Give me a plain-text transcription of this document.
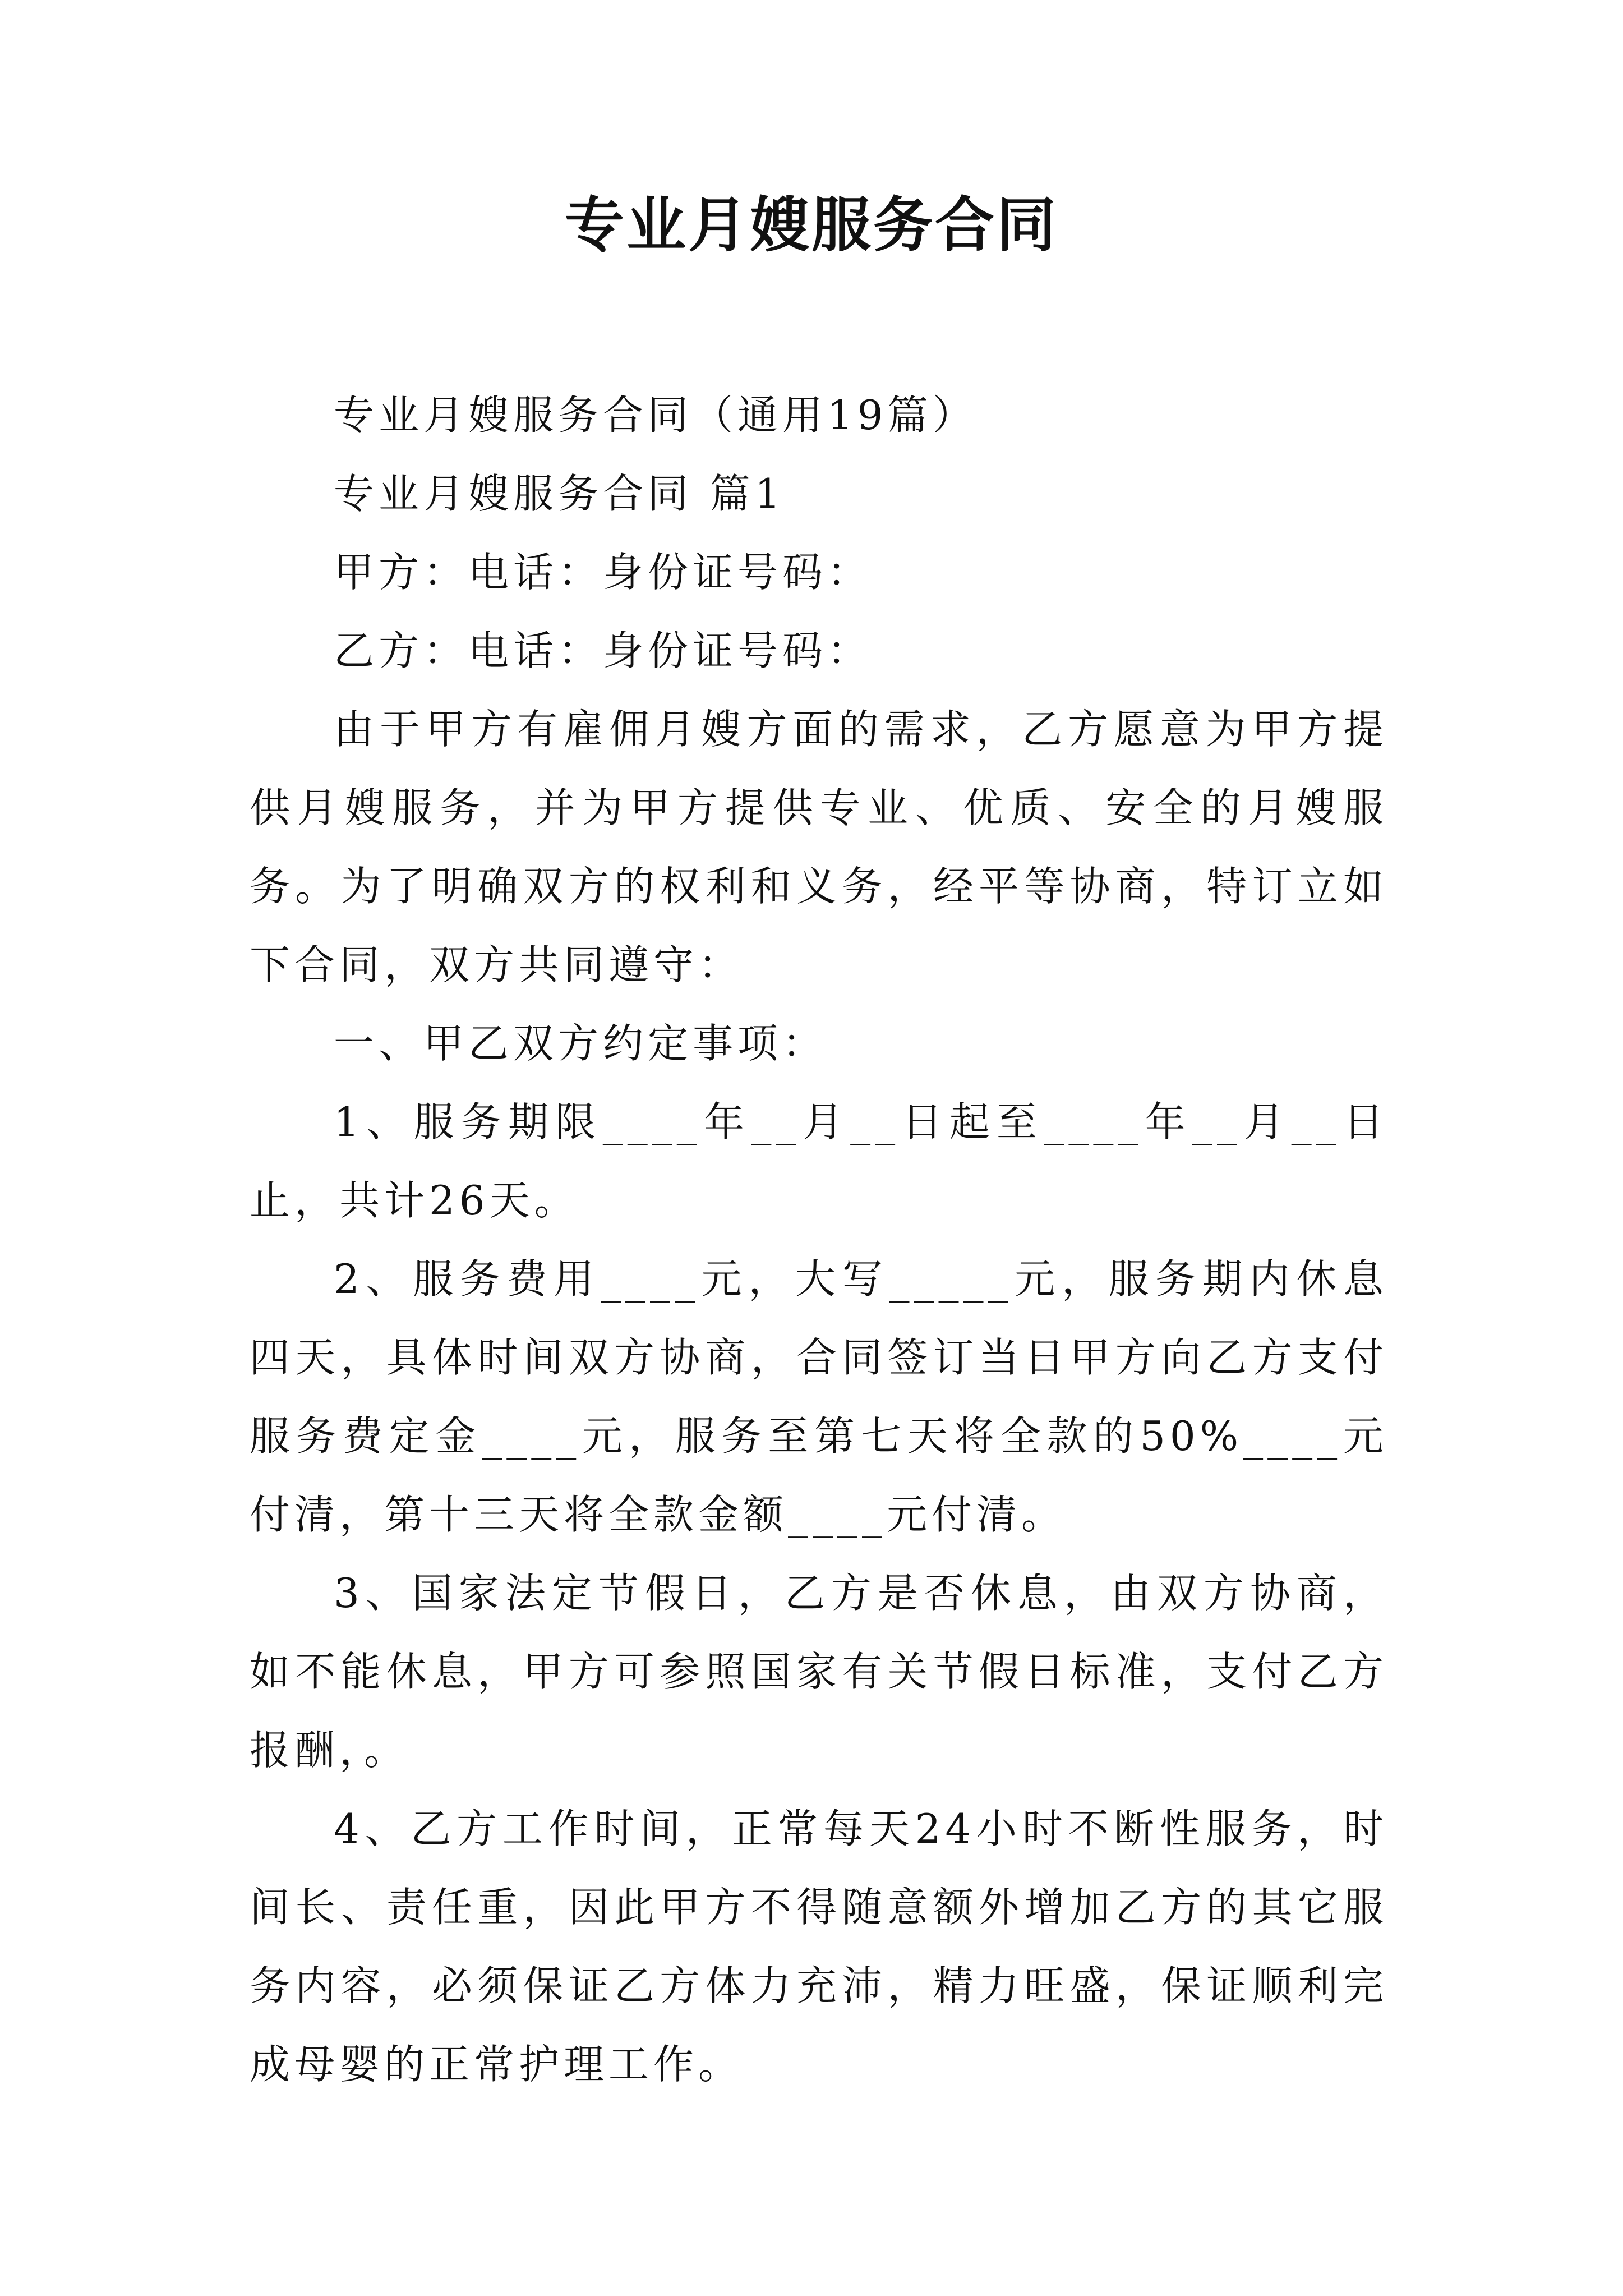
专业月嫂服务合同

专业月嫂服务合同（通用19篇）

专业月嫂服务合同 篇1

甲方：电话：身份证号码：

乙方：电话：身份证号码：

由于甲方有雇佣月嫂方面的需求，乙方愿意为甲方提供月嫂服务，并为甲方提供专业、优质、安全的月嫂服务。为了明确双方的权利和义务，经平等协商，特订立如下合同，双方共同遵守：

一、甲乙双方约定事项：

1、服务期限____年__月__日起至____年__月__日止，共计26天。

2、服务费用____元，大写_____元，服务期内休息四天，具体时间双方协商，合同签订当日甲方向乙方支付服务费定金____元，服务至第七天将全款的50%____元付清，第十三天将全款金额____元付清。

3、国家法定节假日，乙方是否休息，由双方协商，如不能休息，甲方可参照国家有关节假日标准，支付乙方报酬，。

4、乙方工作时间，正常每天24小时不断性服务，时间长、责任重，因此甲方不得随意额外增加乙方的其它服务内容，必须保证乙方体力充沛，精力旺盛，保证顺利完成母婴的正常护理工作。
